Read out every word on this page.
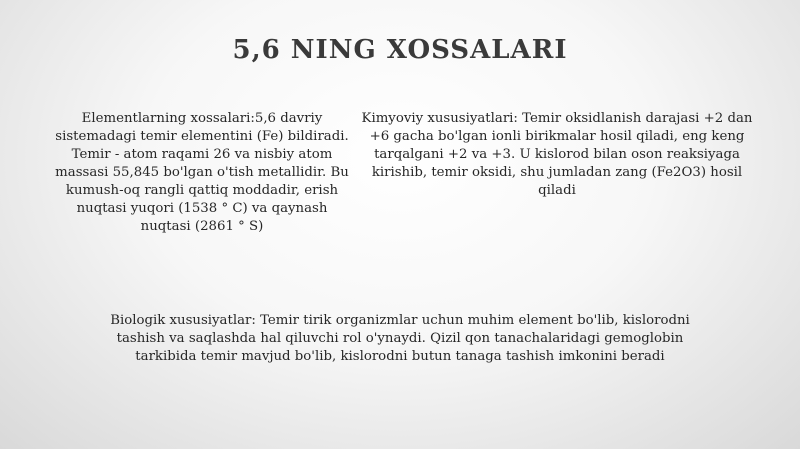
5,6 NING XOSSALARI
Elementlarning xossalari:5,6 davriy sistemadagi temir elementini (Fe) bildiradi. Temir - atom raqami 26 va nisbiy atom massasi 55,845 bo'lgan o'tish metallidir. Bu kumush-oq rangli qattiq moddadir, erish nuqtasi yuqori (1538 ° C) va qaynash nuqtasi (2861 ° S)
Kimyoviy xususiyatlari: Temir oksidlanish darajasi +2 dan +6 gacha bo'lgan ionli birikmalar hosil qiladi, eng keng tarqalgani +2 va +3. U kislorod bilan oson reaksiyaga kirishib, temir oksidi, shu jumladan zang (Fe2O3) hosil qiladi
Biologik xususiyatlar: Temir tirik organizmlar uchun muhim element bo'lib, kislorodni tashish va saqlashda hal qiluvchi rol o'ynaydi. Qizil qon tanachalaridagi gemoglobin tarkibida temir mavjud bo'lib, kislorodni butun tanaga tashish imkonini beradi
